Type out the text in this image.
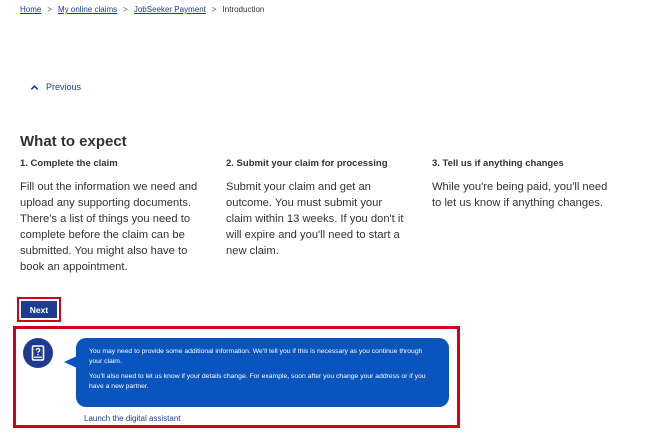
Home > My online claims > JobSeeker Payment > Introduction
Previous
What to expect
1. Complete the claim

Fill out the information we need and upload any supporting documents. There's a list of things you need to complete before the claim can be submitted. You might also have to book an appointment.

2. Submit your claim for processing

Submit your claim and get an outcome. You must submit your claim within 13 weeks. If you don't it will expire and you'll need to start a new claim.

3. Tell us if anything changes

While you're being paid, you'll need to let us know if anything changes.

Next

You may need to provide some additional information. We'll tell you if this is necessary as you continue through your claim.

You'll also need to let us know if your details change. For example, soon after you change your address or if you have a new partner.

Launch the digital assistant
